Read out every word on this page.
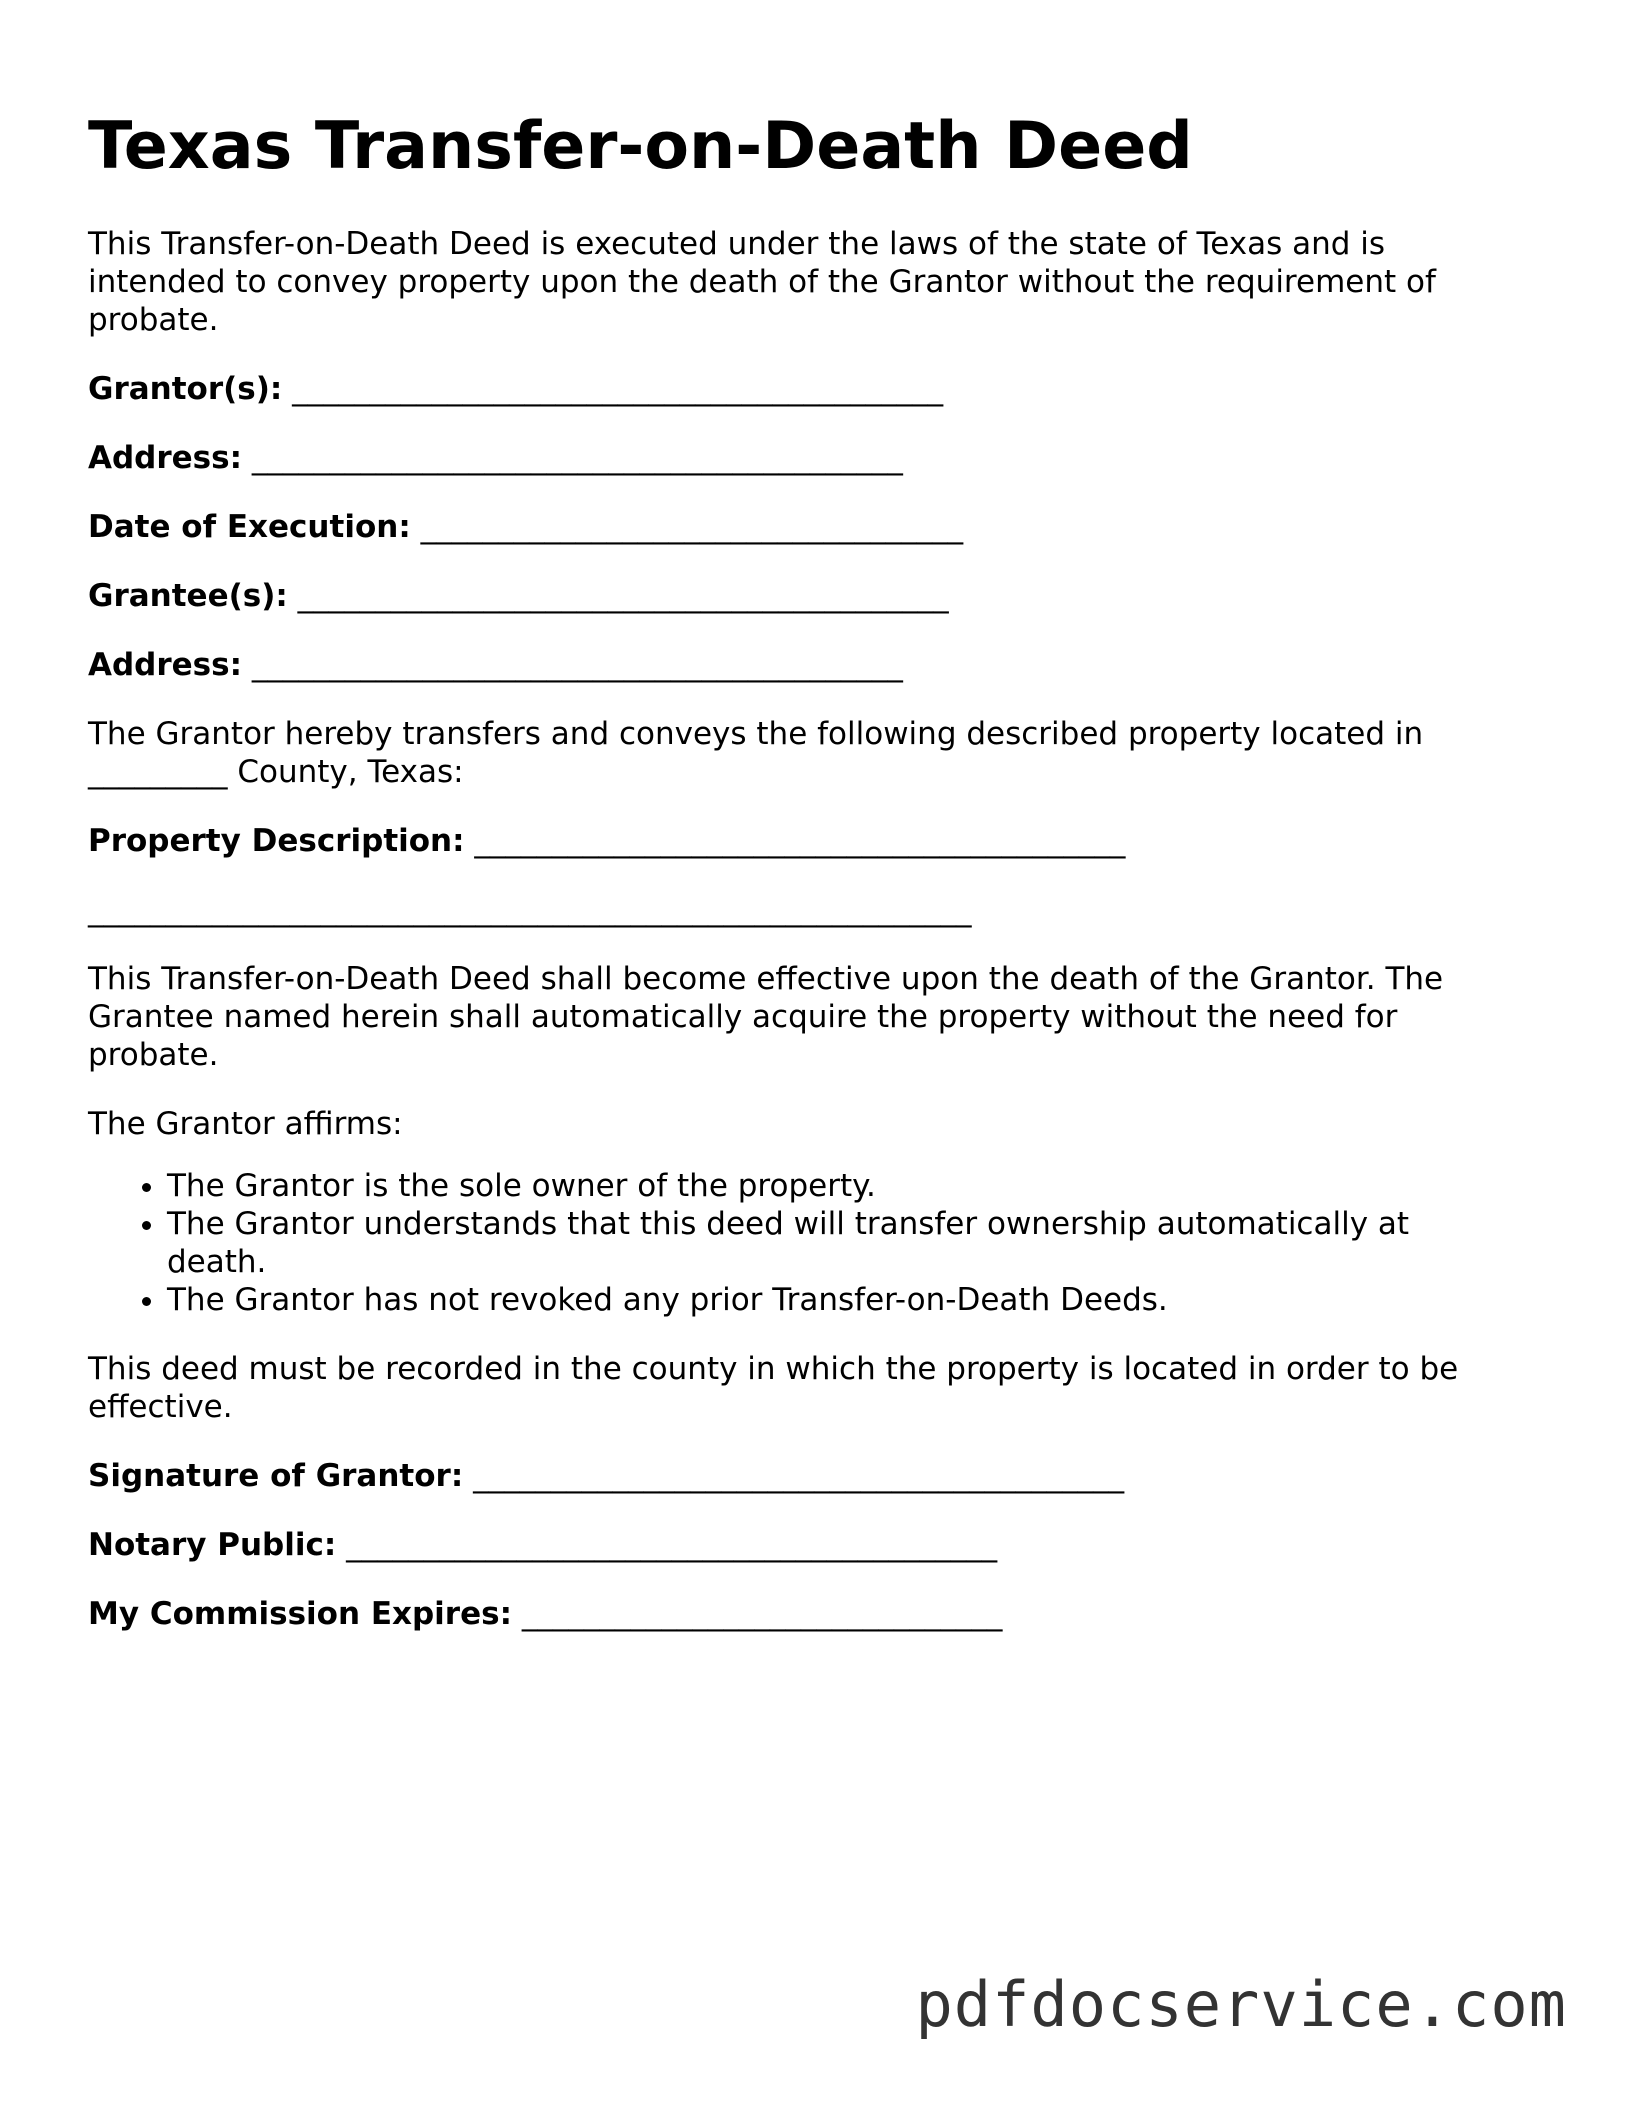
Texas Transfer-on-Death Deed

This Transfer-on-Death Deed is executed under the laws of the state of Texas and is intended to convey property upon the death of the Grantor without the requirement of probate.

Grantor(s): __________________________________________
Address: __________________________________________
Date of Execution: ___________________________________
Grantee(s): __________________________________________
Address: __________________________________________

The Grantor hereby transfers and conveys the following described property located in _________ County, Texas:

Property Description: __________________________________________
_________________________________________________________

This Transfer-on-Death Deed shall become effective upon the death of the Grantor. The Grantee named herein shall automatically acquire the property without the need for probate.

The Grantor affirms:

• The Grantor is the sole owner of the property.
• The Grantor understands that this deed will transfer ownership automatically at death.
• The Grantor has not revoked any prior Transfer-on-Death Deeds.

This deed must be recorded in the county in which the property is located in order to be effective.

Signature of Grantor: __________________________________________
Notary Public: __________________________________________
My Commission Expires: _______________________________
pdfdocservice.com
